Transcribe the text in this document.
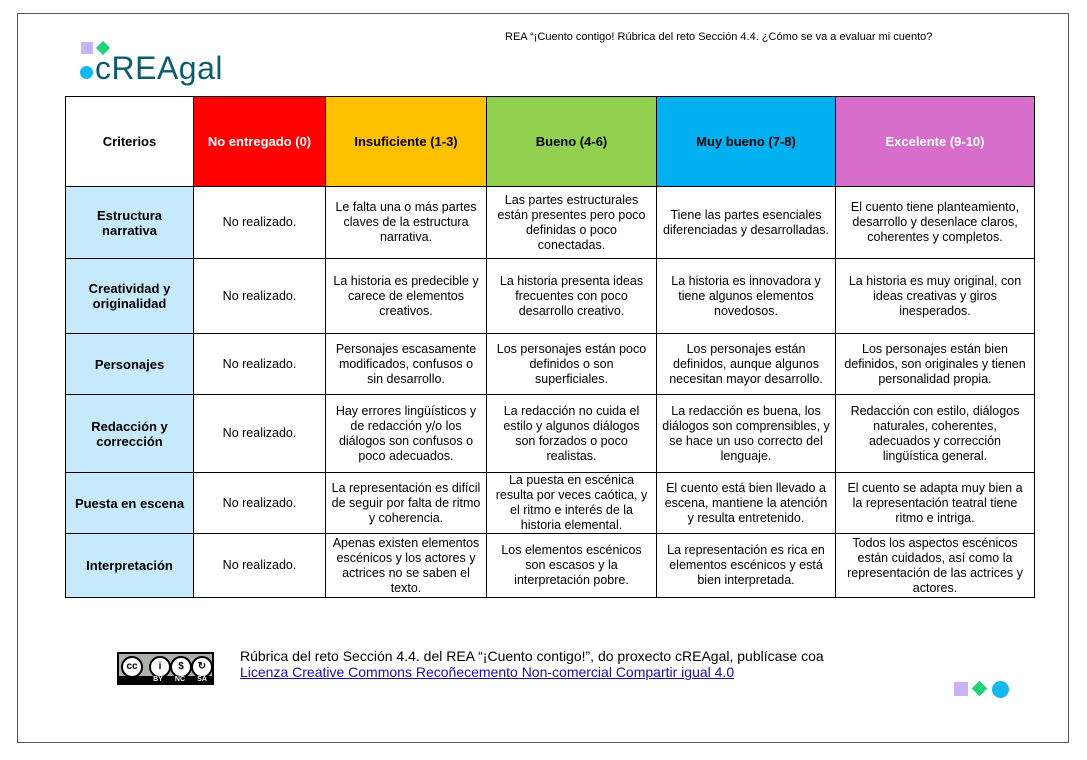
REA “¡Cuento contigo! Rúbrica del reto Sección 4.4. ¿Cómo se va a evaluar mi cuento?
cREAgal
Criterios	No entregado (0)	Insuficiente (1-3)	Bueno (4-6)	Muy bueno (7-8)	Excelente (9-10)
Estructura narrativa	No realizado.	Le falta una o más partes claves de la estructura narrativa.	Las partes estructurales están presentes pero poco definidas o poco conectadas.	Tiene las partes esenciales diferenciadas y desarrolladas.	El cuento tiene planteamiento, desarrollo y desenlace claros, coherentes y completos.
Creatividad y originalidad	No realizado.	La historia es predecible y carece de elementos creativos.	La historia presenta ideas frecuentes con poco desarrollo creativo.	La historia es innovadora y tiene algunos elementos novedosos.	La historia es muy original, con ideas creativas y giros inesperados.
Personajes	No realizado.	Personajes escasamente modificados, confusos o sin desarrollo.	Los personajes están poco definidos o son superficiales.	Los personajes están definidos, aunque algunos necesitan mayor desarrollo.	Los personajes están bien definidos, son originales y tienen personalidad propia.
Redacción y corrección	No realizado.	Hay errores lingüísticos y de redacción y/o los diálogos son confusos o poco adecuados.	La redacción no cuida el estilo y algunos diálogos son forzados o poco realistas.	La redacción es buena, los diálogos son comprensibles, y se hace un uso correcto del lenguaje.	Redacción con estilo, diálogos naturales, coherentes, adecuados y corrección lingüística general.
Puesta en escena	No realizado.	La representación es difícil de seguir por falta de ritmo y coherencia.	La puesta en escénica resulta por veces caótica, y el ritmo e interés de la historia elemental.	El cuento está bien llevado a escena, mantiene la atención y resulta entretenido.	El cuento se adapta muy bien a la representación teatral tiene ritmo e intriga.
Interpretación	No realizado.	Apenas existen elementos escénicos y los actores y actrices no se saben el texto.	Los elementos escénicos son escasos y la interpretación pobre.	La representación es rica en elementos escénicos y está bien interpretada.	Todos los aspectos escénicos están cuidados, así como la representación de las actrices y actores.
cc	i	$	↻
BY NC SA
Rúbrica del reto Sección 4.4. del REA “¡Cuento contigo!”, do proxecto cREAgal, publícase coa
Licenza Creative Commons Recoñecemento Non-comercial Compartir igual 4.0
